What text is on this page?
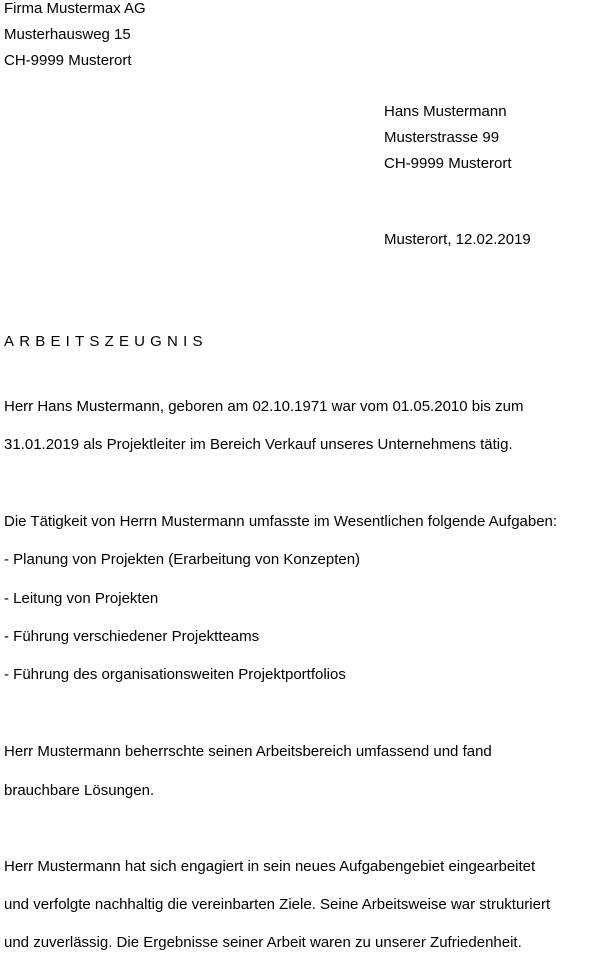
Firma Mustermax AG
Musterhausweg 15
CH-9999 Musterort
Hans Mustermann
Musterstrasse 99
CH-9999 Musterort
Musterort, 12.02.2019
ARBEITSZEUGNIS
Herr Hans Mustermann, geboren am 02.10.1971 war vom 01.05.2010 bis zum
31.01.2019 als Projektleiter im Bereich Verkauf unseres Unternehmens tätig.
Die Tätigkeit von Herrn Mustermann umfasste im Wesentlichen folgende Aufgaben:
- Planung von Projekten (Erarbeitung von Konzepten)
- Leitung von Projekten
- Führung verschiedener Projektteams
- Führung des organisationsweiten Projektportfolios
Herr Mustermann beherrschte seinen Arbeitsbereich umfassend und fand
brauchbare Lösungen.
Herr Mustermann hat sich engagiert in sein neues Aufgabengebiet eingearbeitet
und verfolgte nachhaltig die vereinbarten Ziele. Seine Arbeitsweise war strukturiert
und zuverlässig. Die Ergebnisse seiner Arbeit waren zu unserer Zufriedenheit.
